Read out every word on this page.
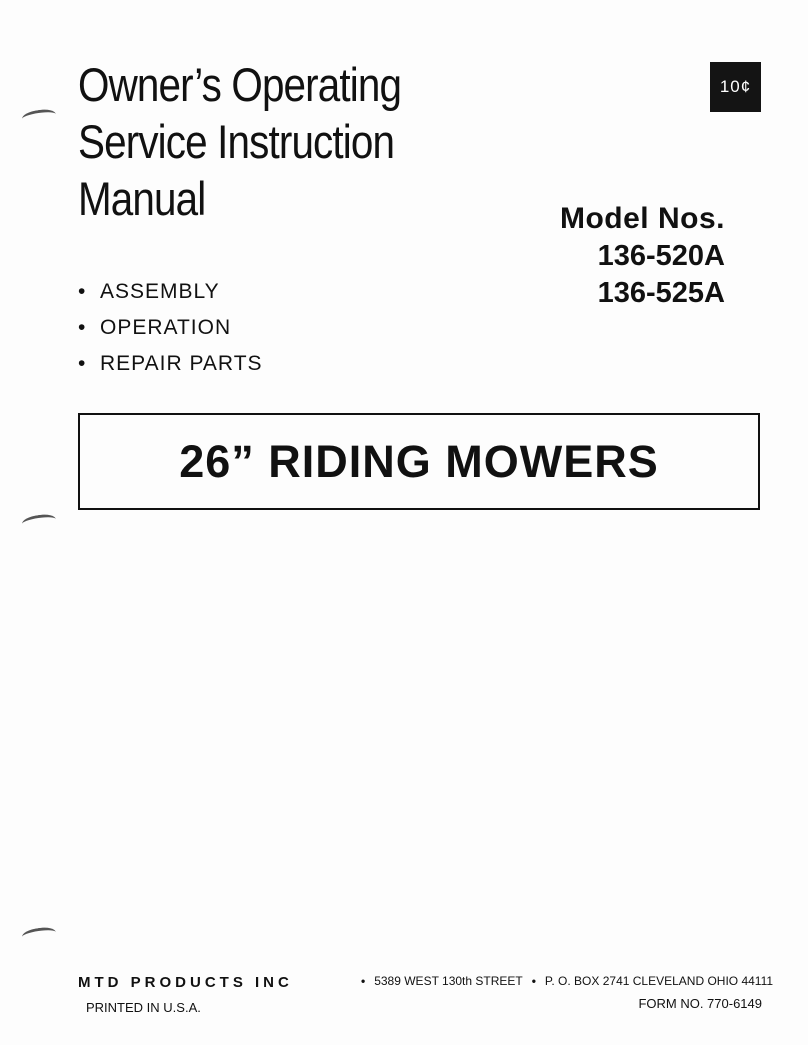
Owner’s Operating
Service Instruction
Manual
10¢
• ASSEMBLY
• OPERATION
• REPAIR PARTS
Model Nos.
136-520A
136-525A
26” RIDING MOWERS
MTD PRODUCTS INC	• 5389 WEST 130th STREET • P. O. BOX 2741 CLEVELAND OHIO 44111
PRINTED IN U.S.A.	FORM NO. 770-6149
